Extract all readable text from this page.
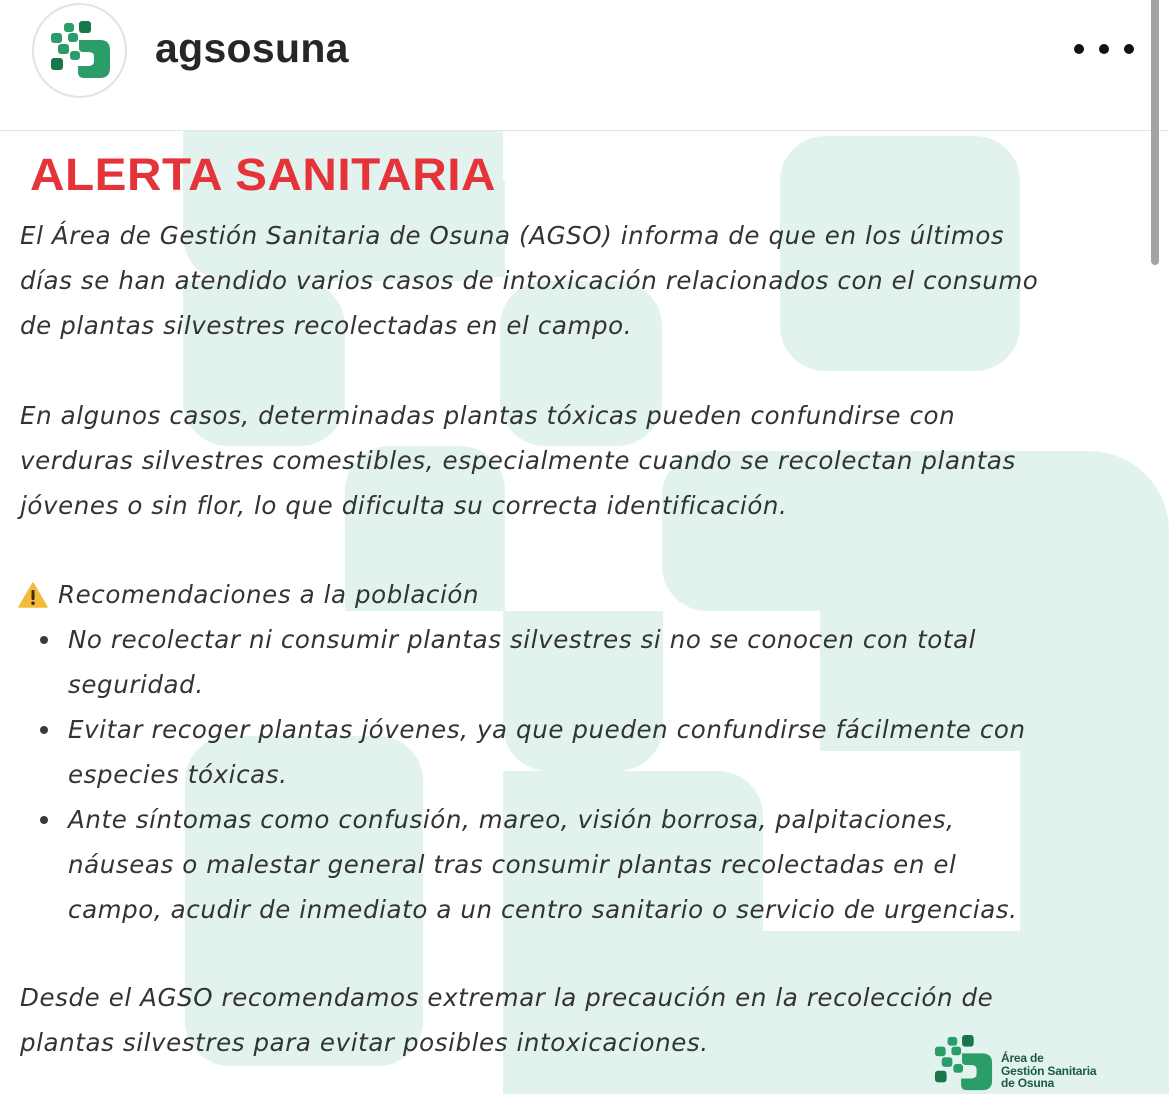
agsosuna
ALERTA SANITARIA
El Área de Gestión Sanitaria de Osuna (AGSO) informa de que en los últimos
días se han atendido varios casos de intoxicación relacionados con el consumo
de plantas silvestres recolectadas en el campo.
En algunos casos, determinadas plantas tóxicas pueden confundirse con
verduras silvestres comestibles, especialmente cuando se recolectan plantas
jóvenes o sin flor, lo que dificulta su correcta identificación.
Recomendaciones a la población
No recolectar ni consumir plantas silvestres si no se conocen con total
seguridad.
Evitar recoger plantas jóvenes, ya que pueden confundirse fácilmente con
especies tóxicas.
Ante síntomas como confusión, mareo, visión borrosa, palpitaciones,
náuseas o malestar general tras consumir plantas recolectadas en el
campo, acudir de inmediato a un centro sanitario o servicio de urgencias.
Desde el AGSO recomendamos extremar la precaución en la recolección de
plantas silvestres para evitar posibles intoxicaciones.
Área de
Gestión Sanitaria
de Osuna
